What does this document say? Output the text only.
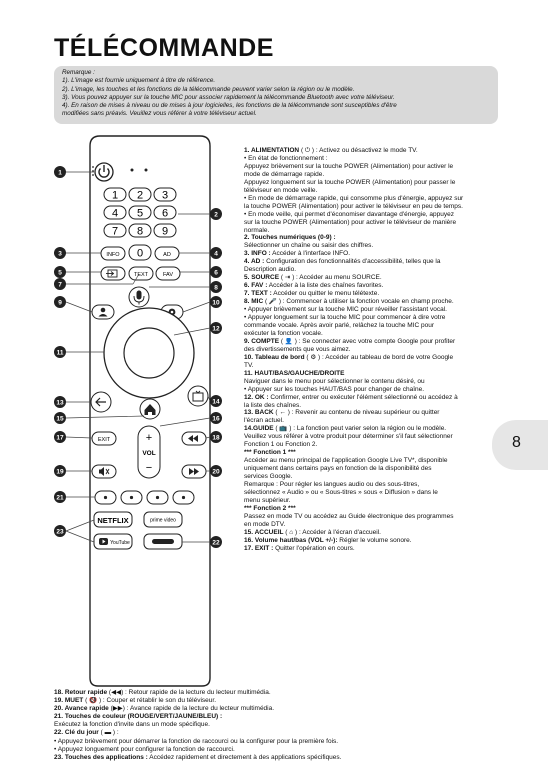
TÉLÉCOMMANDE
Remarque :
1). L'image est fournie uniquement à titre de référence.
2). L'image, les touches et les fonctions de la télécommande peuvent varier selon la région ou le modèle.
3). Vous pouvez appuyer sur la touche MIC pour associer rapidement la télécommande Bluetooth avec votre téléviseur.
4). En raison de mises à niveau ou de mises à jour logicielles, les fonctions de la télécommande sont susceptibles d'être
modifiées sans préavis. Veuillez vous référer à votre téléviseur actuel.
8
1 2 3
4 5 6
7 8 9
INFO 0	AD
TEXT	FAV
EXIT	+
VOL
−
NETFLIX	prime video
YouTube
1
2
3	4
5	6
7	8
9	10
11
12
13	14
15	16
17	18
19	20
21
22
23
1. ALIMENTATION ( ⏻ ) : Activez ou désactivez le mode TV.
• En état de fonctionnement :
Appuyez brièvement sur la touche POWER (Alimentation) pour activer le
mode de démarrage rapide.
Appuyez longuement sur la touche POWER (Alimentation) pour passer le
téléviseur en mode veille.
• En mode de démarrage rapide, qui consomme plus d'énergie, appuyez sur
la touche POWER (Alimentation) pour activer le téléviseur en peu de temps.
• En mode veille, qui permet d'économiser davantage d'énergie, appuyez
sur la touche POWER (Alimentation) pour activer le téléviseur de manière
normale.
2. Touches numériques (0-9) :
Sélectionner un chaîne ou saisir des chiffres.
3. INFO : Accéder à l'interface INFO.
4. AD : Configuration des fonctionnalités d'accessibilité, telles que la
Description audio.
5. SOURCE ( ⇥ ) : Accéder au menu SOURCE.
6. FAV : Accéder à la liste des chaînes favorites.
7. TEXT : Accéder ou quitter le menu télétexte.
8. MIC ( 🎤 ) : Commencer à utiliser la fonction vocale en champ proche.
• Appuyer brièvement sur la touche MIC pour réveiller l'assistant vocal.
• Appuyer longuement sur la touche MIC pour commencer à dire votre
commande vocale. Après avoir parlé, relâchez la touche MIC pour
exécuter la fonction vocale.
9. COMPTE ( 👤 ) : Se connecter avec votre compte Google pour profiter
des divertissements que vous aimez.
10. Tableau de bord ( ⚙ ) : Accéder au tableau de bord de votre Google
TV.
11. HAUT/BAS/GAUCHE/DROITE
Naviguer dans le menu pour sélectionner le contenu désiré, ou
• Appuyer sur les touches HAUT/BAS pour changer de chaîne.
12. OK : Confirmer, entrer ou exécuter l'élément sélectionné ou accédez à
la liste des chaînes.
13. BACK ( ← ) : Revenir au contenu de niveau supérieur ou quitter
l'écran actuel.
14.GUIDE ( 📺 ) : La fonction peut varier selon la région ou le modèle.
Veuillez vous référer à votre produit pour déterminer s'il faut sélectionner
Fonction 1 ou Fonction 2.
*** Fonction 1 ***
Accéder au menu principal de l'application Google Live TV*, disponible
uniquement dans certains pays en fonction de la disponibilité des
services Google.
Remarque : Pour régler les langues audio ou des sous-titres,
sélectionnez « Audio » ou « Sous-titres » sous « Diffusion » dans le
menu supérieur.
*** Fonction 2 ***
Passez en mode TV ou accédez au Guide électronique des programmes
en mode DTV.
15. ACCUEIL ( ⌂ ) : Accéder à l'écran d'accueil.
16. Volume haut/bas (VOL +/-): Régler le volume sonore.
17. EXIT : Quitter l'opération en cours.
18. Retour rapide (◀◀) : Retour rapide de la lecture du lecteur multimédia.
19. MUET ( 🔇 ) : Couper et rétablir le son du téléviseur.
20. Avance rapide (▶▶) : Avance rapide de la lecture du lecteur multimédia.
21. Touches de couleur (ROUGE/VERT/JAUNE/BLEU) :
Exécutez la fonction d'invite dans un mode spécifique.
22. Clé du jour ( ▬ ) :
• Appuyez brièvement pour démarrer la fonction de raccourci ou la configurer pour la première fois.
• Appuyez longuement pour configurer la fonction de raccourci.
23. Touches des applications : Accédez rapidement et directement à des applications spécifiques.
